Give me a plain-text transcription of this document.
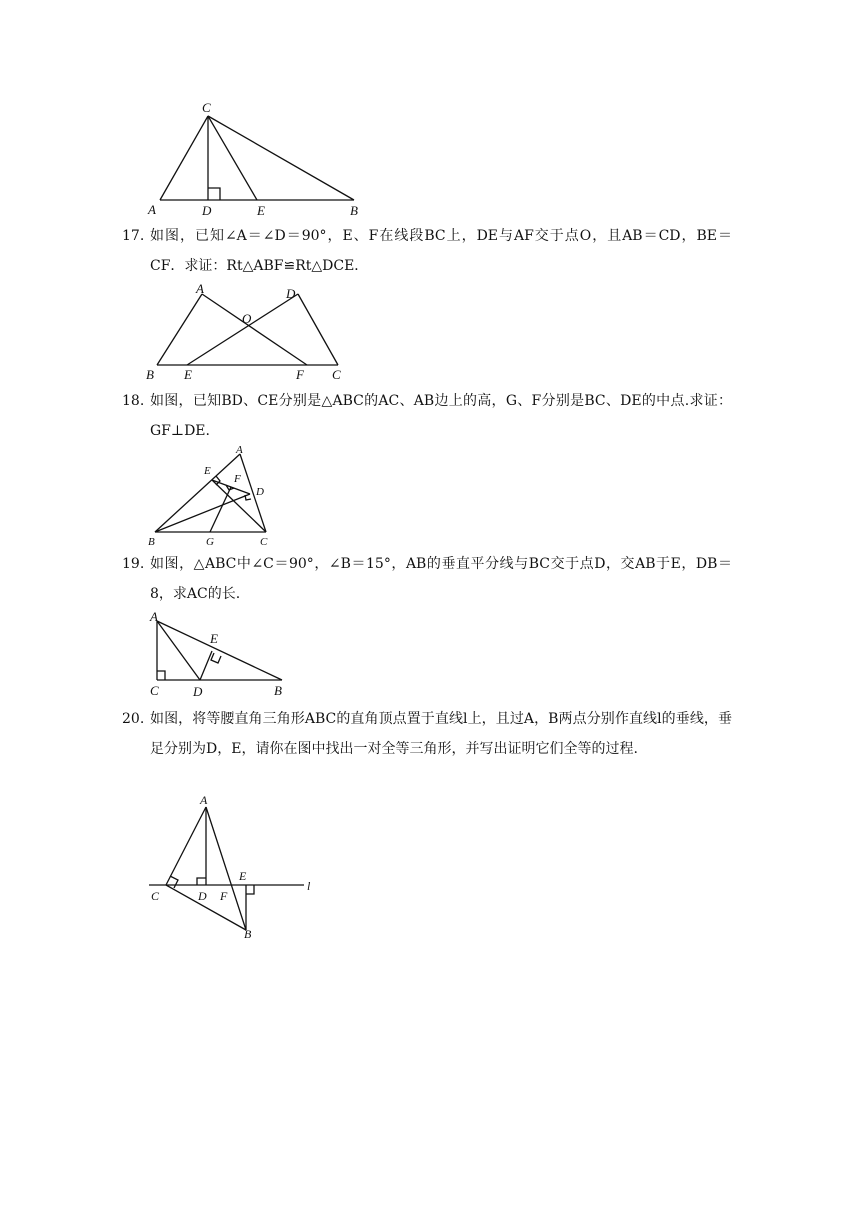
C
A	D	E	B
17. 如图，已知∠A＝∠D＝90°，E、F在线段BC上，DE与AF交于点O，且AB＝CD，BE＝CF．求证：Rt△ABF≌Rt△DCE．

A	D
O
B E	F C
18. 如图，已知BD、CE分别是△ABC的AC、AB边上的高，G、F分别是BC、DE的中点.求证：GF⊥DE.

A
E
F
D
B	G	C
19. 如图，△ABC中∠C＝90°，∠B＝15°，AB的垂直平分线与BC交于点D，交AB于E，DB＝8，求AC的长.

A
E
C	D	B
20. 如图，将等腰直角三角形ABC的直角顶点置于直线l上，且过A，B两点分别作直线l的垂线，垂足分别为D，E，请你在图中找出一对全等三角形，并写出证明它们全等的过程.

A
E
C	D F
l
B
